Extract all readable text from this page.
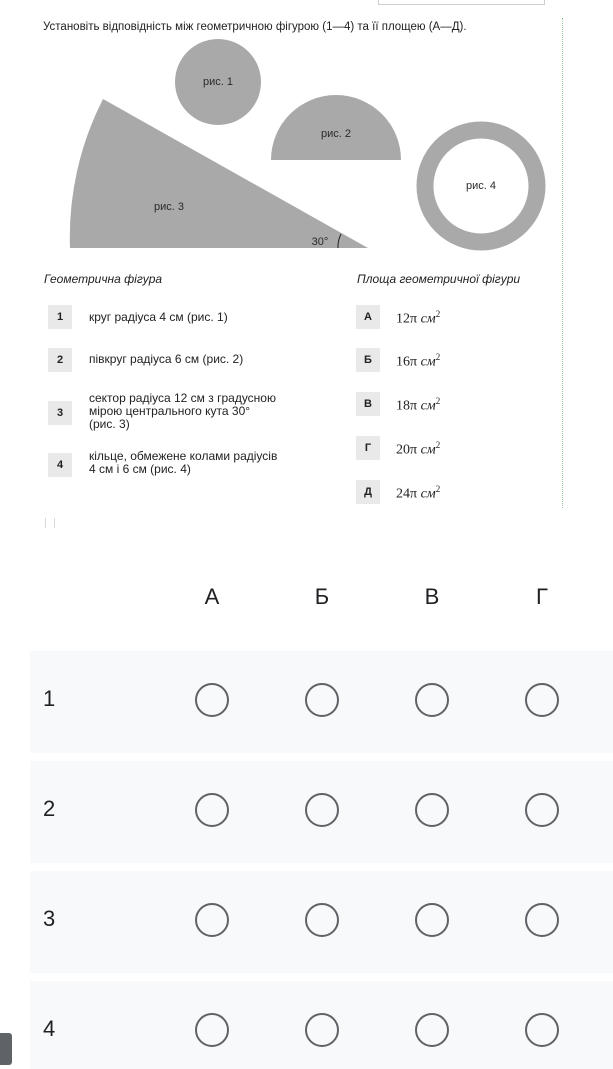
Установіть відповідність між геометричною фігурою (1—4) та її площею (А—Д).
рис. 1
рис. 2
рис. 3
30°
рис. 4
Геометрична фігура	Площа геометричної фігури
1	круг радіуса 4 см (рис. 1)
2	півкруг радіуса 6 см (рис. 2)
3
сектор радіуса 12 см з градусною
мірою центрального кута 30°
(рис. 3)
4
кільце, обмежене колами радіусів
4 см і 6 см (рис. 4)
А	12π $см^2$
Б	16π $см^2$
В	18π $см^2$
Г	20π $см^2$
Д	24π $см^2$
А	Б	В	Г
1
2
3
4
